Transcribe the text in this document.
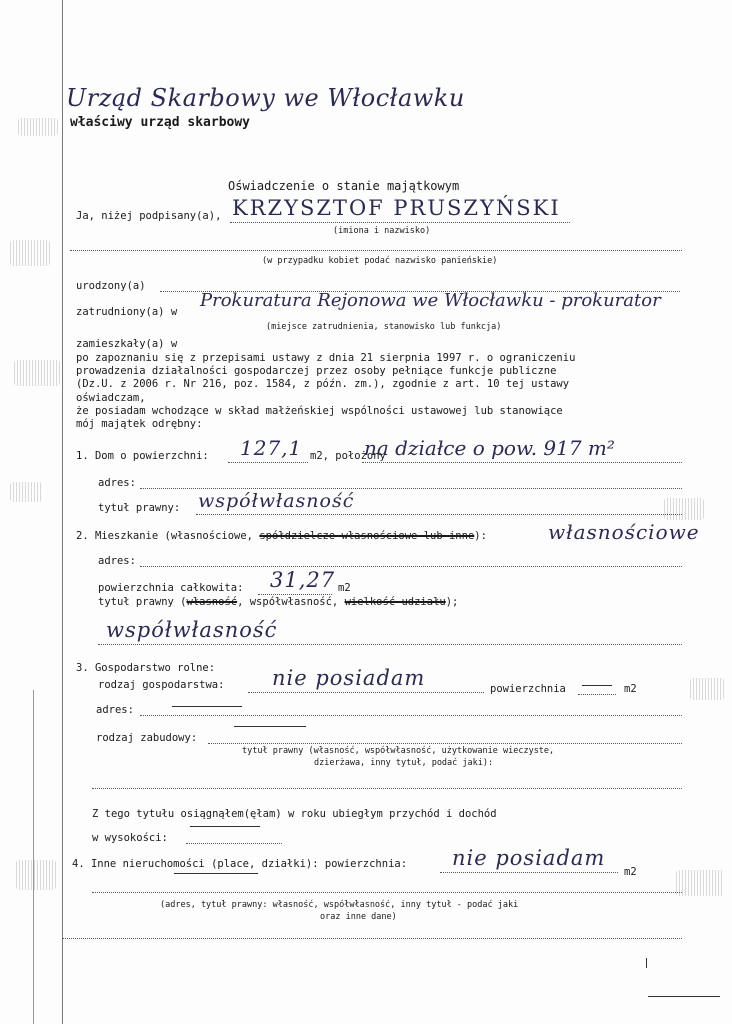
Urząd Skarbowy we Włocławku
właściwy urząd skarbowy
Oświadczenie o stanie majątkowym
Ja, niżej podpisany(a), KRZYSZTOF PRUSZYŃSKI
(imiona i nazwisko)
(w przypadku kobiet podać nazwisko panieńskie)
urodzony(a)
zatrudniony(a) w
Prokuratura Rejonowa we Włocławku - prokurator
(miejsce zatrudnienia, stanowisko lub funkcja)
zamieszkały(a) w
po zapoznaniu się z przepisami ustawy z dnia 21 sierpnia 1997 r. o ograniczeniu
prowadzenia działalności gospodarczej przez osoby pełniące funkcje publiczne
(Dz.U. z 2006 r. Nr 216, poz. 1584, z późn. zm.), zgodnie z art. 10 tej ustawy
oświadczam,
że posiadam wchodzące w skład małżeńskiej wspólności ustawowej lub stanowiące
mój majątek odrębny:
1. Dom o powierzchni: 127,1 m2, położony
na działce o pow. 917 m²
adres:
tytuł prawny: współwłasność
2. Mieszkanie (własnościowe, spółdzielcze własnościowe lub inne):	własnościowe
adres:
powierzchnia całkowita: 31,27 m2
tytuł prawny (własność, współwłasność, wielkość udziału);
współwłasność
3. Gospodarstwo rolne:
rodzaj gospodarstwa: nie posiadam	powierzchnia	m2
adres:
rodzaj zabudowy:
tytuł prawny (własność, współwłasność, użytkowanie wieczyste,
dzierżawa, inny tytuł, podać jaki):
Z tego tytułu osiągnąłem(ęłam) w roku ubiegłym przychód i dochód
w wysokości:
4. Inne nieruchomości (place, działki): powierzchnia: nie posiadam
m2
(adres, tytuł prawny: własność, współwłasność, inny tytuł - podać jaki
oraz inne dane)
